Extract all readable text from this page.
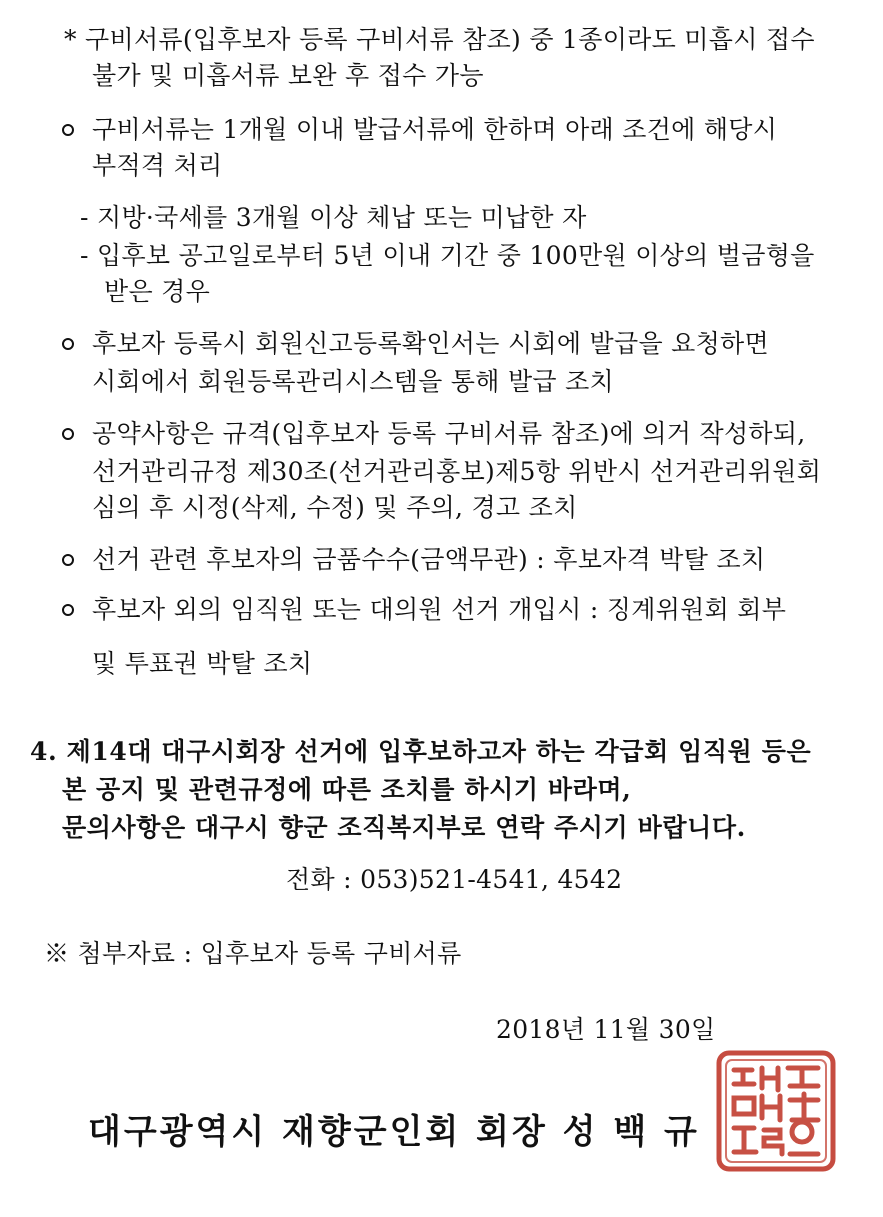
* 구비서류(입후보자 등록 구비서류 참조) 중 1종이라도 미흡시 접수
불가 및 미흡서류 보완 후 접수 가능
구비서류는 1개월 이내 발급서류에 한하며 아래 조건에 해당시
부적격 처리
- 지방·국세를 3개월 이상 체납 또는 미납한 자
- 입후보 공고일로부터 5년 이내 기간 중 100만원 이상의 벌금형을
받은 경우
후보자 등록시 회원신고등록확인서는 시회에 발급을 요청하면
시회에서 회원등록관리시스템을 통해 발급 조치
공약사항은 규격(입후보자 등록 구비서류 참조)에 의거 작성하되,
선거관리규정 제30조(선거관리홍보)제5항 위반시 선거관리위원회
심의 후 시정(삭제, 수정) 및 주의, 경고 조치
선거 관련 후보자의 금품수수(금액무관) : 후보자격 박탈 조치
후보자 외의 임직원 또는 대의원 선거 개입시 : 징계위원회 회부
및 투표권 박탈 조치
4. 제14대 대구시회장 선거에 입후보하고자 하는 각급회 임직원 등은
본 공지 및 관련규정에 따른 조치를 하시기 바라며,
문의사항은 대구시 향군 조직복지부로 연락 주시기 바랍니다.
전화 : 053)521-4541, 4542
※ 첨부자료 : 입후보자 등록 구비서류
2018년 11월 30일
대구광역시 재향군인회 회장 성 백 규
